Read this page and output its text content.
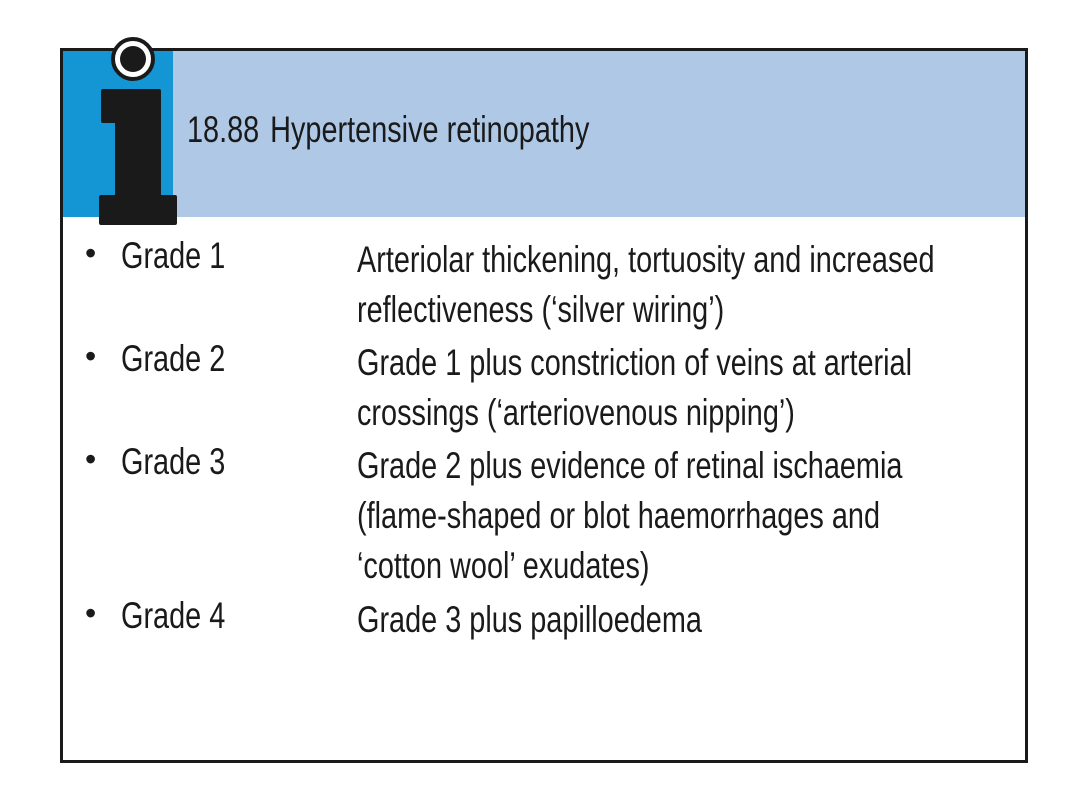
18.88 Hypertensive retinopathy
• Grade 1	Arteriolar thickening, tortuosity and increased
reflectiveness (‘silver wiring’)
• Grade 2	Grade 1 plus constriction of veins at arterial
crossings (‘arteriovenous nipping’)
• Grade 3	Grade 2 plus evidence of retinal ischaemia
(flame-shaped or blot haemorrhages and
‘cotton wool’ exudates)
• Grade 4	Grade 3 plus papilloedema
